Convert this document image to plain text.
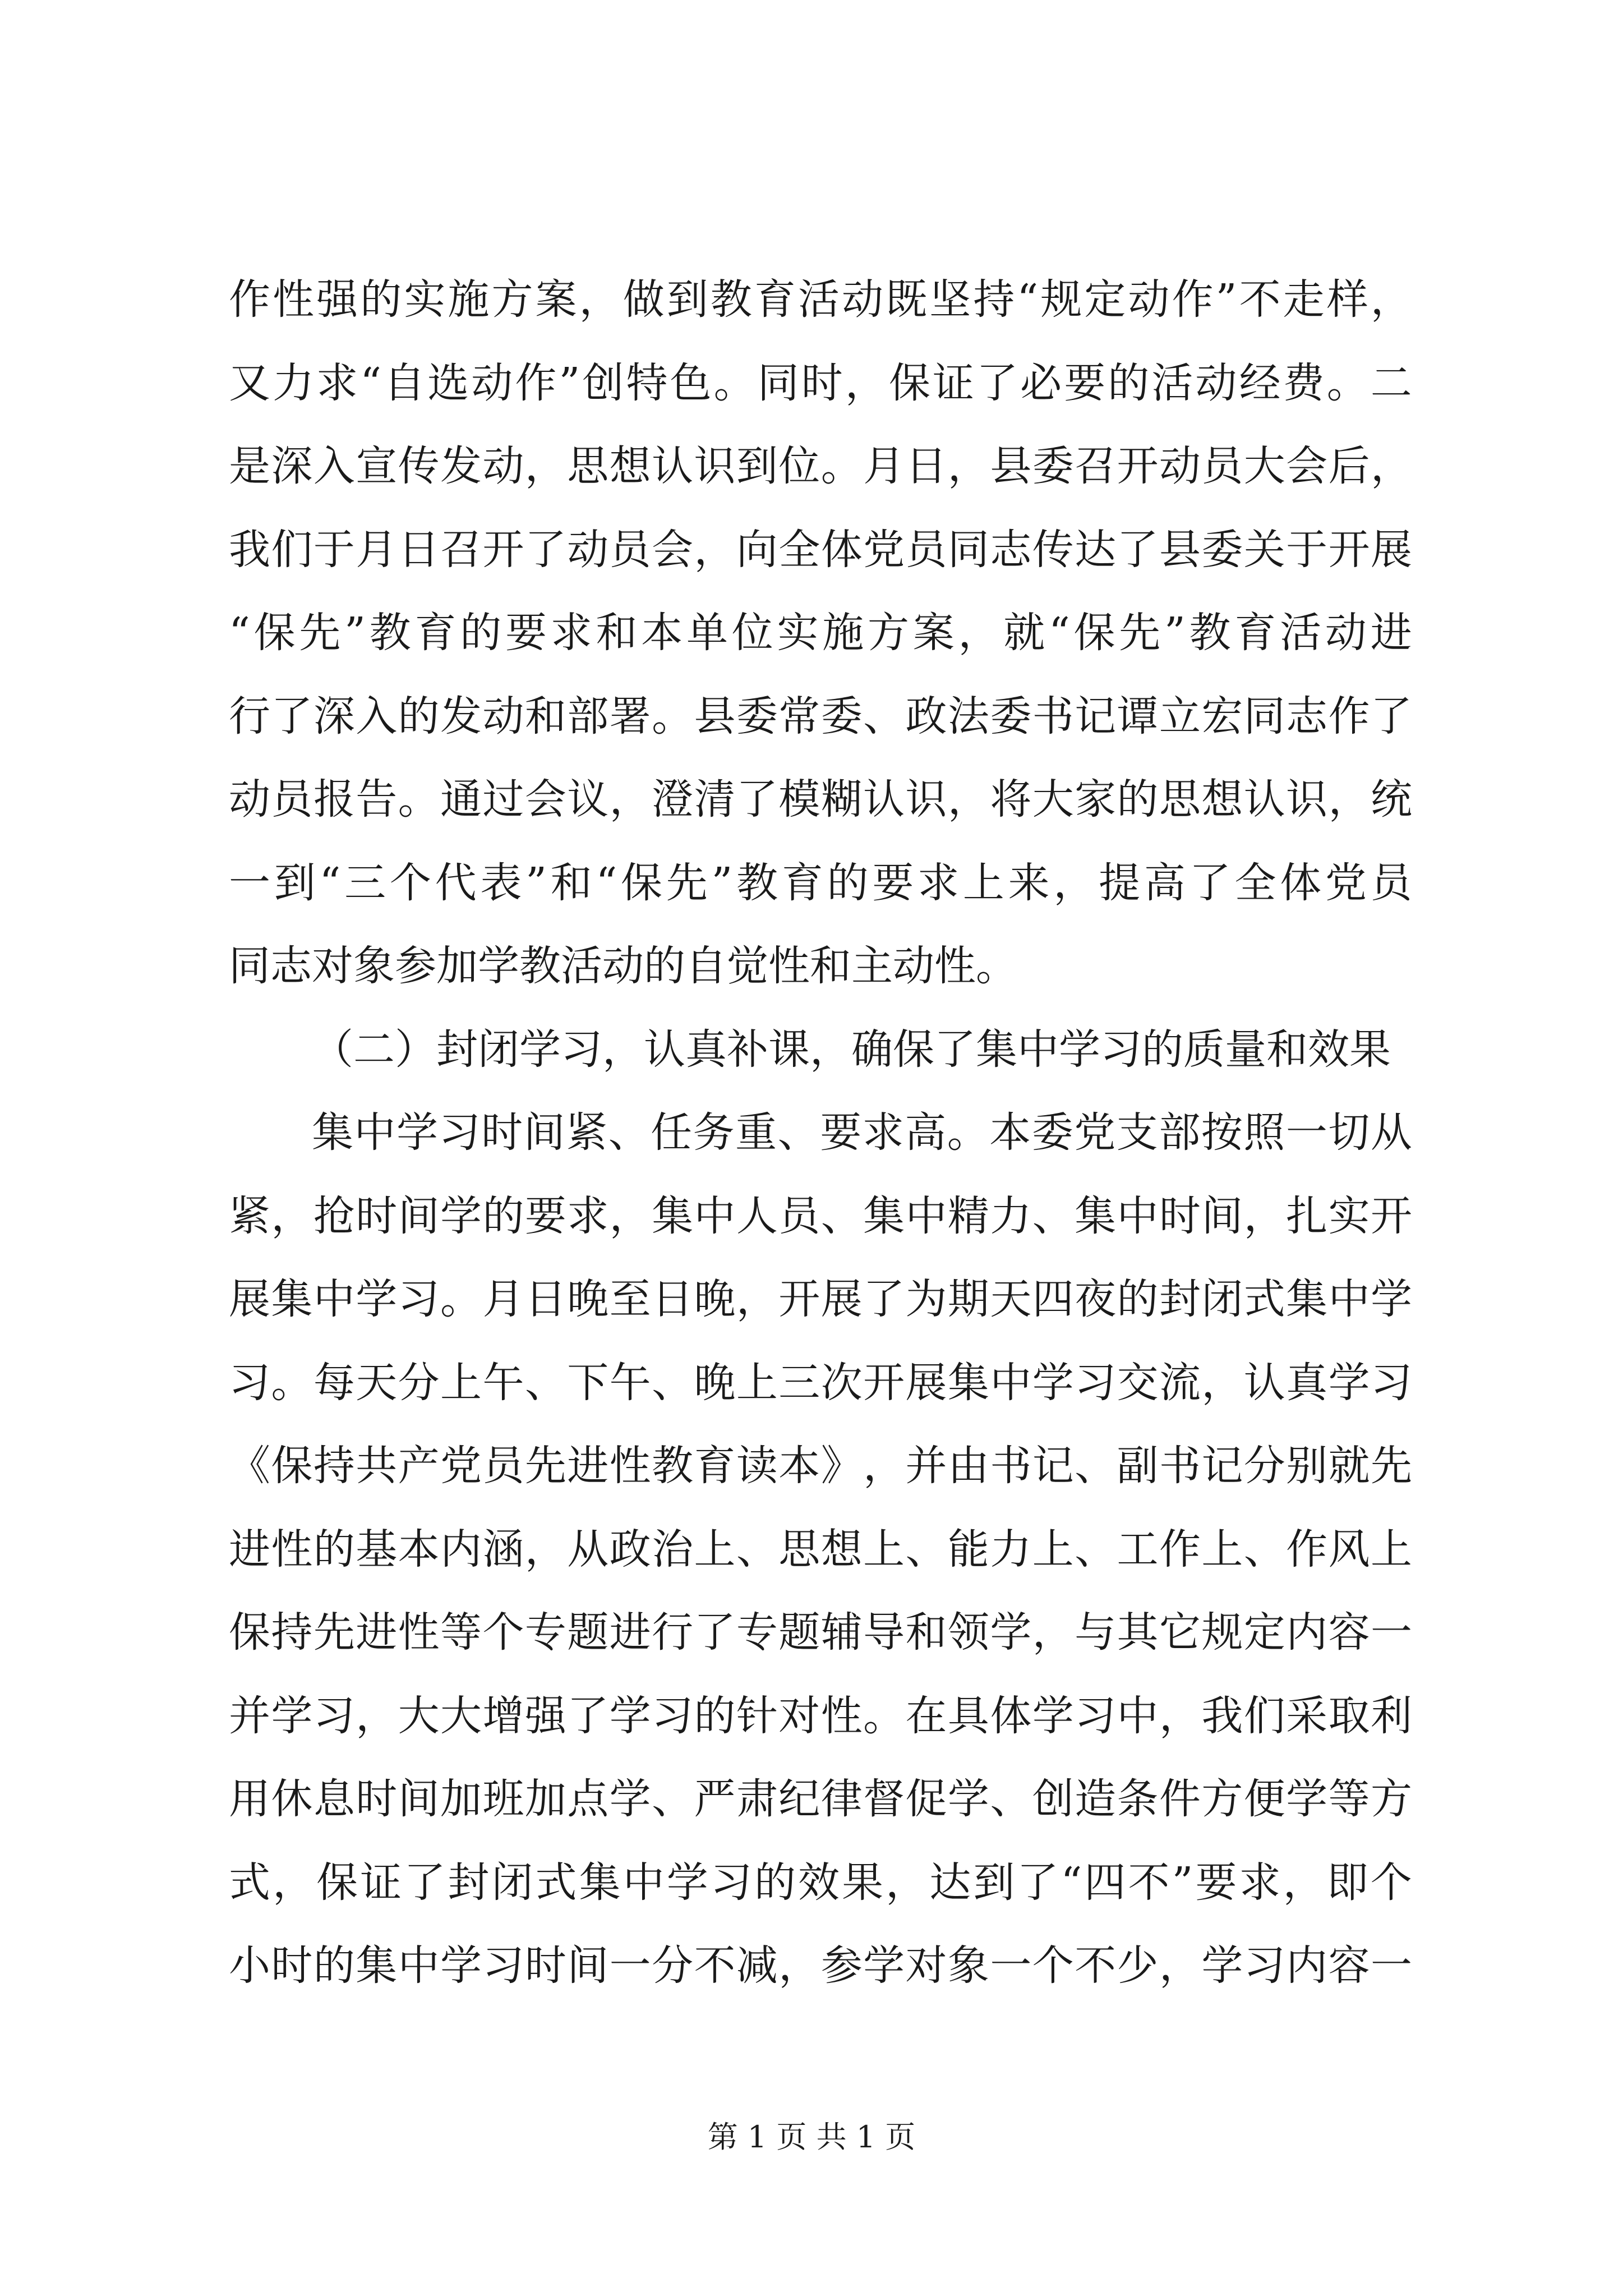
作 性 强 的 实 施 方 案 ， 做 到 教 育 活 动 既 坚 持 “ 规 定 动 作 ” 不 走 样 ，
又 力 求 “ 自 选 动 作 ” 创 特 色 。 同 时 ， 保 证 了 必 要 的 活 动 经 费 。 二
是 深 入 宣 传 发 动 ， 思 想 认 识 到 位 。 月 日 ， 县 委 召 开 动 员 大 会 后 ，
我 们 于 月 日 召 开 了 动 员 会 ， 向 全 体 党 员 同 志 传 达 了 县 委 关 于 开 展
“ 保 先 ” 教 育 的 要 求 和 本 单 位 实 施 方 案 ， 就 “ 保 先 ” 教 育 活 动 进
行 了 深 入 的 发 动 和 部 署 。 县 委 常 委 、 政 法 委 书 记 谭 立 宏 同 志 作 了
动 员 报 告 。 通 过 会 议 ， 澄 清 了 模 糊 认 识 ， 将 大 家 的 思 想 认 识 ， 统
一 到 “ 三 个 代 表 ” 和 “ 保 先 ” 教 育 的 要 求 上 来 ， 提 高 了 全 体 党 员
同志对象参加学教活动的自觉性和主动性。
（二）封闭学习，认真补课，确保了集中学习的质量和效果
集 中 学 习 时 间 紧 、 任 务 重 、 要 求 高 。 本 委 党 支 部 按 照 一 切 从
紧 ， 抢 时 间 学 的 要 求 ， 集 中 人 员 、 集 中 精 力 、 集 中 时 间 ， 扎 实 开
展 集 中 学 习 。 月 日 晚 至 日 晚 ， 开 展 了 为 期 天 四 夜 的 封 闭 式 集 中 学
习 。 每 天 分 上 午 、 下 午 、 晚 上 三 次 开 展 集 中 学 习 交 流 ， 认 真 学 习
《 保 持 共 产 党 员 先 进 性 教 育 读 本 》 ， 并 由 书 记 、 副 书 记 分 别 就 先
进 性 的 基 本 内 涵 ， 从 政 治 上 、 思 想 上 、 能 力 上 、 工 作 上 、 作 风 上
保 持 先 进 性 等 个 专 题 进 行 了 专 题 辅 导 和 领 学 ， 与 其 它 规 定 内 容 一
并 学 习 ， 大 大 增 强 了 学 习 的 针 对 性 。 在 具 体 学 习 中 ， 我 们 采 取 利
用 休 息 时 间 加 班 加 点 学 、 严 肃 纪 律 督 促 学 、 创 造 条 件 方 便 学 等 方
式 ， 保 证 了 封 闭 式 集 中 学 习 的 效 果 ， 达 到 了 “ 四 不 ” 要 求 ， 即 个
小 时 的 集 中 学 习 时 间 一 分 不 减 ， 参 学 对 象 一 个 不 少 ， 学 习 内 容 一
第 1 页 共 1 页
